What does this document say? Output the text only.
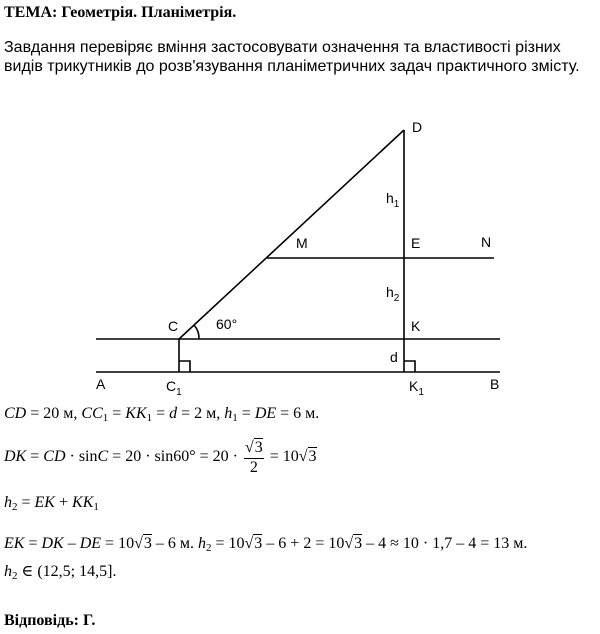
ТЕМА: Геометрія. Планіметрія.
Завдання перевіряє вміння застосовувати означення та властивості різних видів трикутників до розв'язування планіметричних задач практичного змісту.
D
$h_1$
M	E	N
$h_2$
C	60°	K
d
A	$C_1$	$K_1$
B
CD = 20 м, $CC_1 = KK_1 = d = 2$ м, $h_1$ = DE = 6 м.
DK = CD · $\sin C = 20 \cdot \sin 60^\circ = 20 \cdot \frac{√3}{2} = 10√3$
$h_2$ = EK + $KK_1$
EK = DK – DE = 10√3 – 6 м. $h_2 = 10√3 - 6 + 2 = 10√3 - 4 \approx 10 \cdot 1,7 - 4 = 13$ м.
$h_2$ ∈ (12,5; 14,5].
Відповідь: Г.
